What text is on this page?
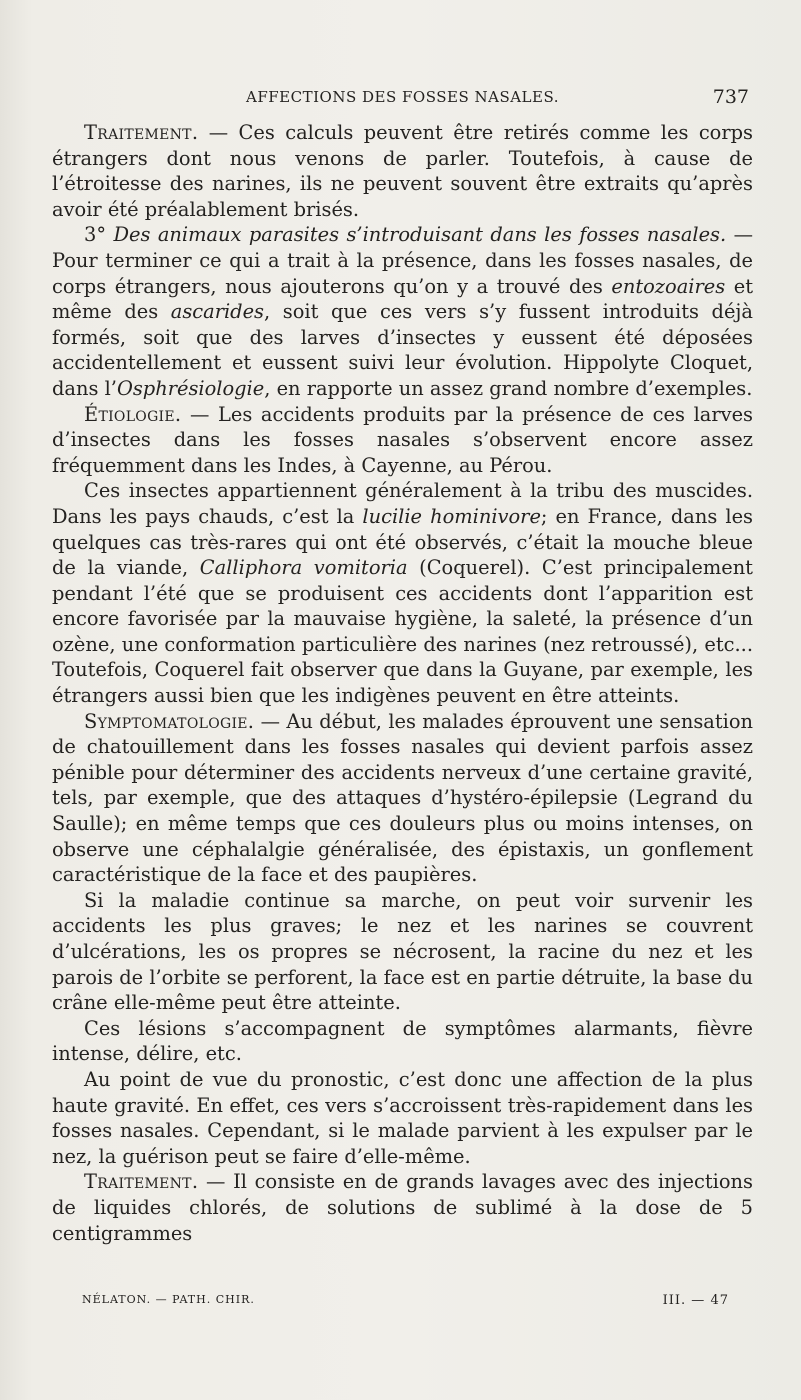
AFFECTIONS DES FOSSES NASALES.	737

Traitement. — Ces calculs peuvent être retirés comme les corps étrangers dont nous venons de parler. Toutefois, à cause de l’étroitesse des narines, ils ne peuvent souvent être extraits qu’après avoir été préalablement brisés.

3° Des animaux parasites s’introduisant dans les fosses nasales. — Pour terminer ce qui a trait à la présence, dans les fosses nasales, de corps étrangers, nous ajouterons qu’on y a trouvé des entozoaires et même des ascarides, soit que ces vers s’y fussent introduits déjà formés, soit que des larves d’insectes y eussent été déposées accidentellement et eussent suivi leur évolution. Hippolyte Cloquet, dans l’Osphrésiologie, en rapporte un assez grand nombre d’exemples.

Étiologie. — Les accidents produits par la présence de ces larves d’insectes dans les fosses nasales s’observent encore assez fréquemment dans les Indes, à Cayenne, au Pérou.

Ces insectes appartiennent généralement à la tribu des muscides. Dans les pays chauds, c’est la lucilie hominivore; en France, dans les quelques cas très-rares qui ont été observés, c’était la mouche bleue de la viande, Calliphora vomitoria (Coquerel). C’est principalement pendant l’été que se produisent ces accidents dont l’apparition est encore favorisée par la mauvaise hygiène, la saleté, la présence d’un ozène, une conformation particulière des narines (nez retroussé), etc... Toutefois, Coquerel fait observer que dans la Guyane, par exemple, les étrangers aussi bien que les indigènes peuvent en être atteints.

Symptomatologie. — Au début, les malades éprouvent une sensation de chatouillement dans les fosses nasales qui devient parfois assez pénible pour déterminer des accidents nerveux d’une certaine gravité, tels, par exemple, que des attaques d’hystéro-épilepsie (Legrand du Saulle); en même temps que ces douleurs plus ou moins intenses, on observe une céphalalgie généralisée, des épistaxis, un gonflement caractéristique de la face et des paupières.

Si la maladie continue sa marche, on peut voir survenir les accidents les plus graves; le nez et les narines se couvrent d’ulcérations, les os propres se nécrosent, la racine du nez et les parois de l’orbite se perforent, la face est en partie détruite, la base du crâne elle-même peut être atteinte.

Ces lésions s’accompagnent de symptômes alarmants, fièvre intense, délire, etc.

Au point de vue du pronostic, c’est donc une affection de la plus haute gravité. En effet, ces vers s’accroissent très-rapidement dans les fosses nasales. Cependant, si le malade parvient à les expulser par le nez, la guérison peut se faire d’elle-même.

Traitement. — Il consiste en de grands lavages avec des injections de liquides chlorés, de solutions de sublimé à la dose de 5 centigrammes

NÉLATON. — PATH. CHIR.	III. — 47
